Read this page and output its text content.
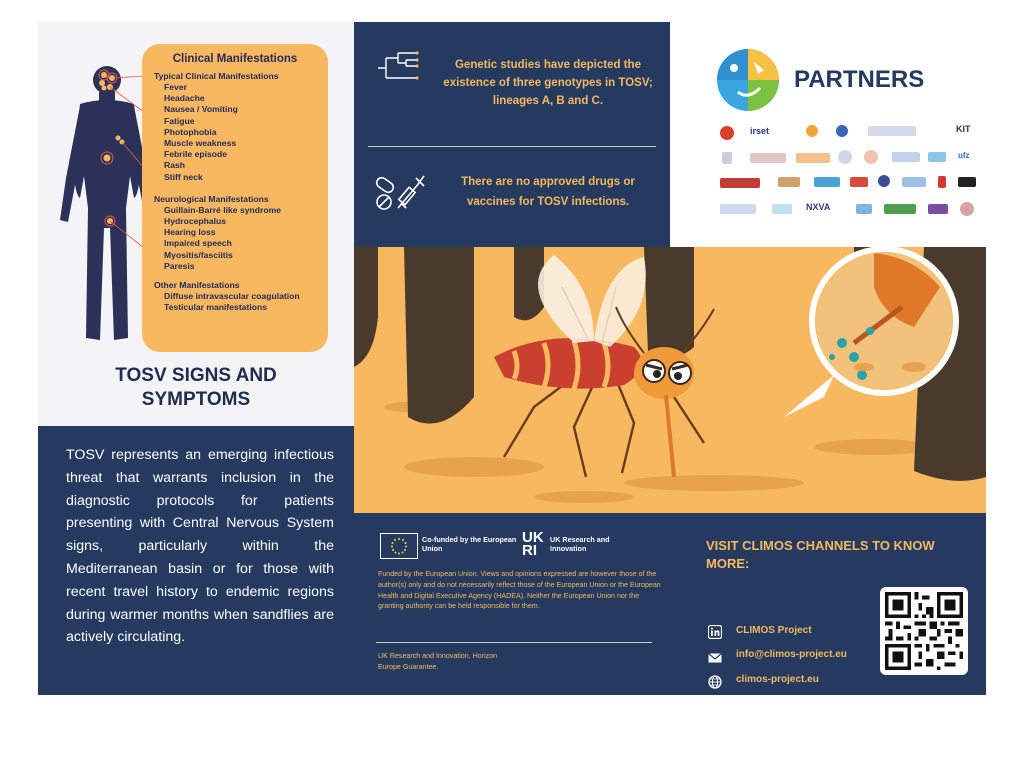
Clinical Manifestations
Typical Clinical Manifestations
Fever
Headache
Nausea / Vomiting
Fatigue
Photophobia
Muscle weakness
Febrile episode
Rash
Stiff neck
Neurological Manifestations
Guillain-Barré like syndrome
Hydrocephalus
Hearing loss
Impaired speech
Myositis/fasciitis
Paresis
Other Manifestations
Diffuse intravascular coagulation
Testicular manifestations
TOSV SIGNS AND SYMPTOMS

TOSV represents an emerging infectious threat that warrants inclusion in the diagnostic protocols for patients presenting with Central Nervous System signs, particularly within the Mediterranean basin or for those with recent travel history to endemic regions during warmer months when sandflies are actively circulating.

Genetic studies have depicted the existence of three genotypes in TOSV; lineages A, B and C.
There are no approved drugs or vaccines for TOSV infections.
PARTNERS
irset	KIT
ufz
NXVA
Co-funded by the European Union
UK RI
UK Research and Innovation
Funded by the European Union. Views and opinions expressed are however those of the author(s) only and do not necessarily reflect those of the European Union or the European Health and Digital Executive Agency (HADEA). Neither the European Union nor the granting authority can be held responsible for them.
UK Research and Innovation, Horizon Europe Guarantee.
VISIT CLIMOS CHANNELS TO KNOW MORE:
CLIMOS Project
info@climos-project.eu
climos-project.eu
